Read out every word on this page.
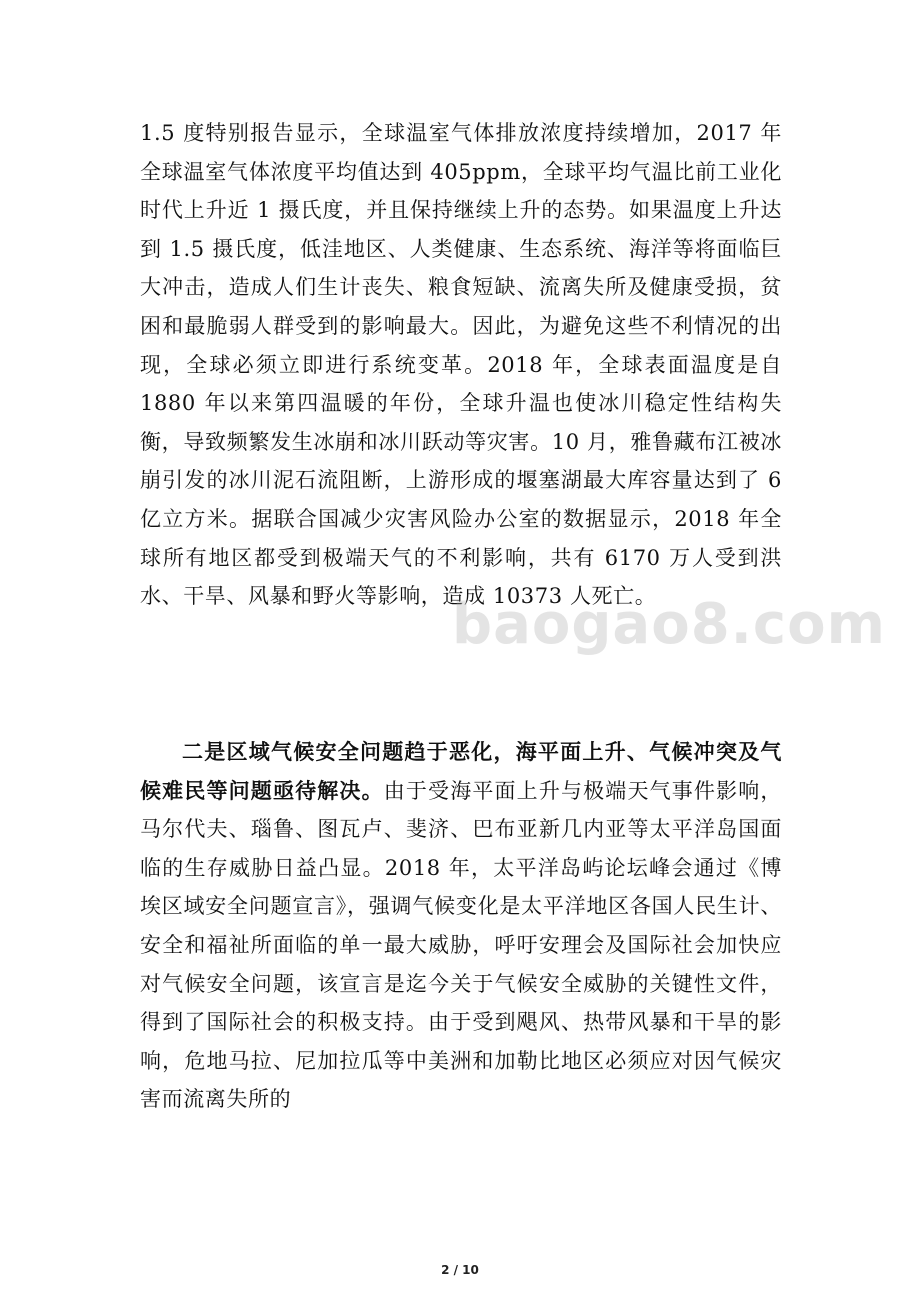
1.5 度特别报告显示，全球温室气体排放浓度持续增加，2017 年全球温室气体浓度平均值达到 405ppm，全球平均气温比前工业化时代上升近 1 摄氏度，并且保持继续上升的态势。如果温度上升达到 1.5 摄氏度，低洼地区、人类健康、生态系统、海洋等将面临巨大冲击，造成人们生计丧失、粮食短缺、流离失所及健康受损，贫困和最脆弱人群受到的影响最大。因此，为避免这些不利情况的出现，全球必须立即进行系统变革。2018 年，全球表面温度是自 1880 年以来第四温暖的年份，全球升温也使冰川稳定性结构失衡，导致频繁发生冰崩和冰川跃动等灾害。10 月，雅鲁藏布江被冰崩引发的冰川泥石流阻断，上游形成的堰塞湖最大库容量达到了 6 亿立方米。据联合国减少灾害风险办公室的数据显示，2018 年全球所有地区都受到极端天气的不利影响，共有 6170 万人受到洪水、干旱、风暴和野火等影响，造成 10373 人死亡。

二是区域气候安全问题趋于恶化，海平面上升、气候冲突及气候难民等问题亟待解决。由于受海平面上升与极端天气事件影响，马尔代夫、瑙鲁、图瓦卢、斐济、巴布亚新几内亚等太平洋岛国面临的生存威胁日益凸显。2018 年，太平洋岛屿论坛峰会通过《博埃区域安全问题宣言》，强调气候变化是太平洋地区各国人民生计、安全和福祉所面临的单一最大威胁，呼吁安理会及国际社会加快应对气候安全问题，该宣言是迄今关于气候安全威胁的关键性文件，得到了国际社会的积极支持。由于受到飓风、热带风暴和干旱的影响，危地马拉、尼加拉瓜等中美洲和加勒比地区必须应对因气候灾害而流离失所的

baogao8.com
2 / 10
